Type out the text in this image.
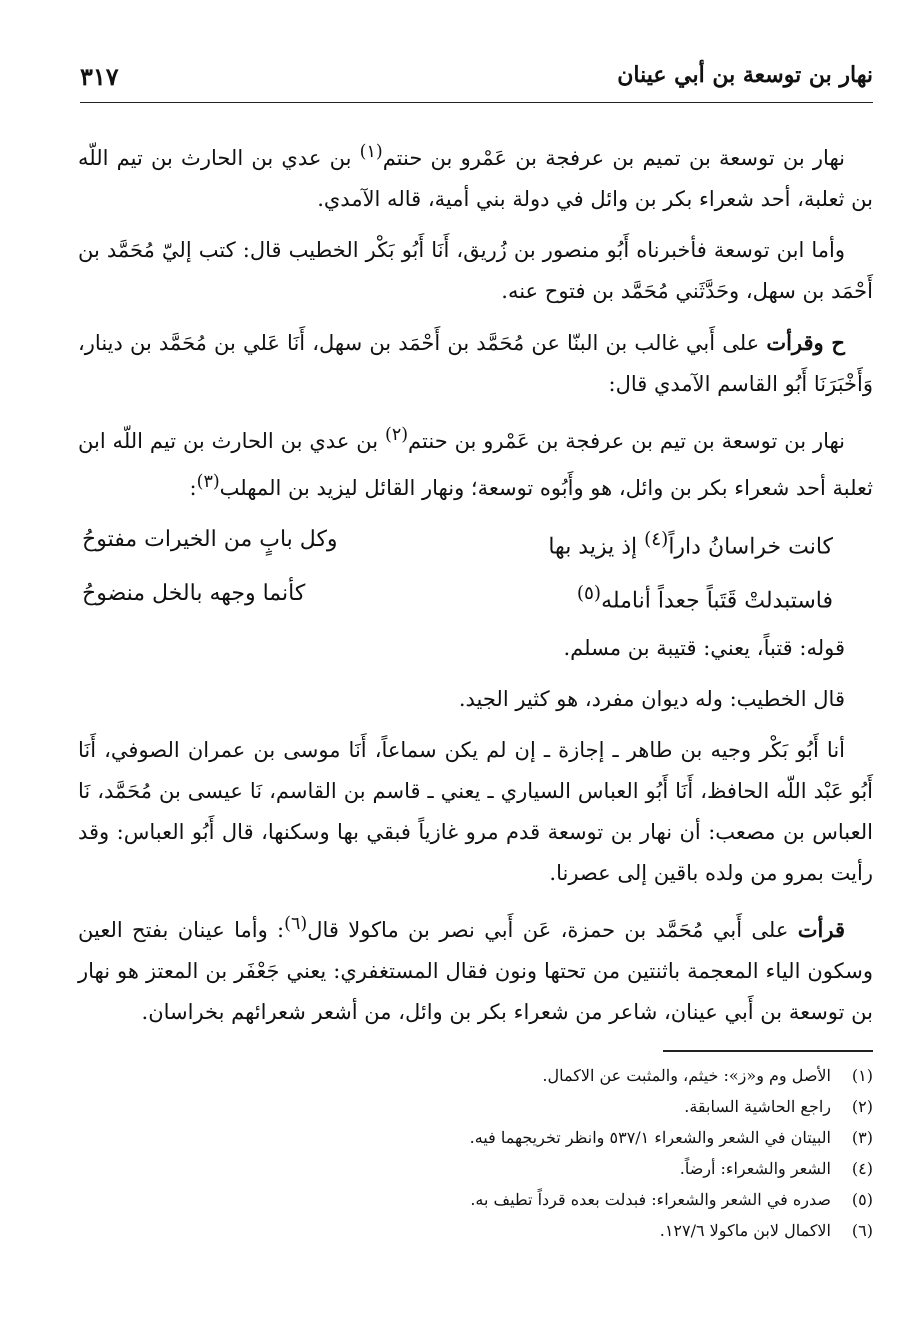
نهار بن توسعة بن أبي عينان
٣١٧

نهار بن توسعة بن تميم بن عرفجة بن عَمْرو بن حنتم$^{(١)}$ بن عدي بن الحارث بن تيم اللّه بن ثعلبة، أحد شعراء بكر بن وائل في دولة بني أمية، قاله الآمدي.

وأما ابن توسعة فأخبرناه أَبُو منصور بن زُريق، أَنَا أَبُو بَكْر الخطيب قال: كتب إليّ مُحَمَّد بن أَحْمَد بن سهل، وحَدَّثَني مُحَمَّد بن فتوح عنه.

ح وقرأت على أَبي غالب بن البنّا عن مُحَمَّد بن أَحْمَد بن سهل، أَنَا عَلي بن مُحَمَّد بن دينار، وَأَخْبَرَنَا أَبُو القاسم الآمدي قال:

نهار بن توسعة بن تيم بن عرفجة بن عَمْرو بن حنتم$^{(٢)}$ بن عدي بن الحارث بن تيم اللّه ابن ثعلبة أحد شعراء بكر بن وائل، هو وأَبُوه توسعة؛ ونهار القائل ليزيد بن المهلب$^{(٣)}$:

كانت خراسانُ داراً$^{(٤)}$ إذ يزيد بها
وكل بابٍ من الخيرات مفتوحُ
فاستبدلتْ قَتَباً جعداً أنامله$^{(٥)}$
كأنما وجهه بالخل منضوحُ

قوله: قتباً، يعني: قتيبة بن مسلم.

قال الخطيب: وله ديوان مفرد، هو كثير الجيد.

أنا أَبُو بَكْر وجيه بن طاهر ـ إجازة ـ إن لم يكن سماعاً، أَنَا موسى بن عمران الصوفي، أَنَا أَبُو عَبْد اللّه الحافظ، أَنَا أَبُو العباس السياري ـ يعني ـ قاسم بن القاسم، نَا عيسى بن مُحَمَّد، نَا العباس بن مصعب: أن نهار بن توسعة قدم مرو غازياً فبقي بها وسكنها، قال أَبُو العباس: وقد رأيت بمرو من ولده باقين إلى عصرنا.

قرأت على أَبي مُحَمَّد بن حمزة، عَن أَبي نصر بن ماكولا قال$^{(٦)}$: وأما عينان بفتح العين وسكون الياء المعجمة باثنتين من تحتها ونون فقال المستغفري: يعني جَعْفَر بن المعتز هو نهار بن توسعة بن أَبي عينان، شاعر من شعراء بكر بن وائل، من أشعر شعرائهم بخراسان.

(١)
الأصل وم و«ز»: خيثم، والمثبت عن الاكمال.
(٢)
راجع الحاشية السابقة.
(٣)
البيتان في الشعر والشعراء ٥٣٧/١ وانظر تخريجهما فيه.
(٤)
الشعر والشعراء: أرضاً.
(٥)
صدره في الشعر والشعراء: فبدلت بعده قرداً تطيف به.
(٦)
الاكمال لابن ماكولا ١٢٧/٦.
